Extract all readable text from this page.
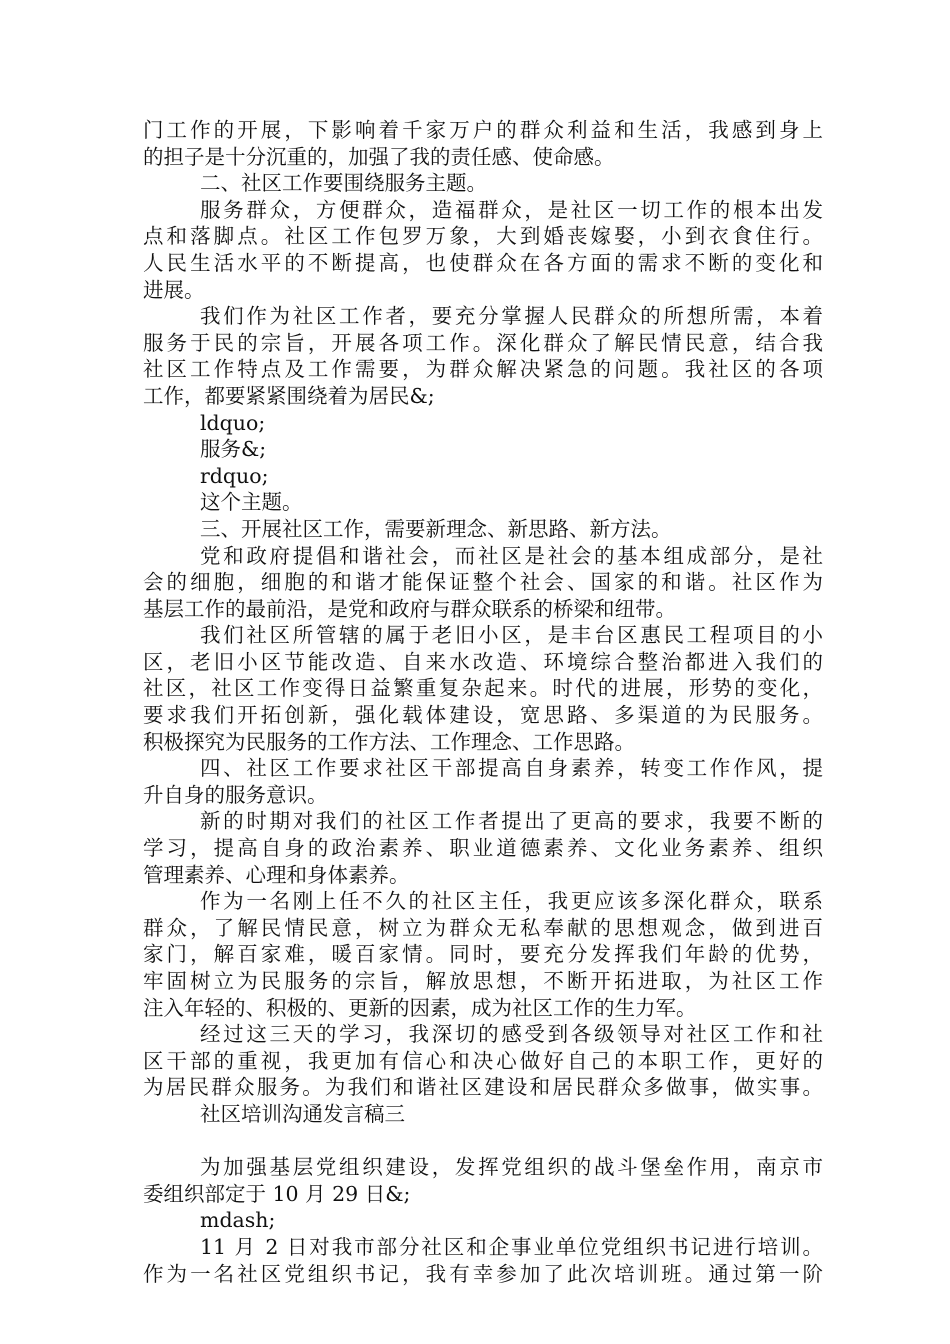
门工作的开展，下影响着千家万户的群众利益和生活，我感到身上
的担子是十分沉重的，加强了我的责任感、使命感。
二、社区工作要围绕服务主题。
服务群众，方便群众，造福群众，是社区一切工作的根本出发
点和落脚点。社区工作包罗万象，大到婚丧嫁娶，小到衣食住行。
人民生活水平的不断提高，也使群众在各方面的需求不断的变化和
进展。
我们作为社区工作者，要充分掌握人民群众的所想所需，本着
服务于民的宗旨，开展各项工作。深化群众了解民情民意，结合我
社区工作特点及工作需要，为群众解决紧急的问题。我社区的各项
工作，都要紧紧围绕着为居民&;
ldquo;
服务&;
rdquo;
这个主题。
三、开展社区工作，需要新理念、新思路、新方法。
党和政府提倡和谐社会，而社区是社会的基本组成部分，是社
会的细胞，细胞的和谐才能保证整个社会、国家的和谐。社区作为
基层工作的最前沿，是党和政府与群众联系的桥梁和纽带。
我们社区所管辖的属于老旧小区，是丰台区惠民工程项目的小
区，老旧小区节能改造、自来水改造、环境综合整治都进入我们的
社区，社区工作变得日益繁重复杂起来。时代的进展，形势的变化，
要求我们开拓创新，强化载体建设，宽思路、多渠道的为民服务。
积极探究为民服务的工作方法、工作理念、工作思路。
四、社区工作要求社区干部提高自身素养，转变工作作风，提
升自身的服务意识。
新的时期对我们的社区工作者提出了更高的要求，我要不断的
学习，提高自身的政治素养、职业道德素养、文化业务素养、组织
管理素养、心理和身体素养。
作为一名刚上任不久的社区主任，我更应该多深化群众，联系
群众，了解民情民意，树立为群众无私奉献的思想观念，做到进百
家门，解百家难，暖百家情。同时，要充分发挥我们年龄的优势，
牢固树立为民服务的宗旨，解放思想，不断开拓进取，为社区工作
注入年轻的、积极的、更新的因素，成为社区工作的生力军。
经过这三天的学习，我深切的感受到各级领导对社区工作和社
区干部的重视，我更加有信心和决心做好自己的本职工作，更好的
为居民群众服务。为我们和谐社区建设和居民群众多做事，做实事。
社区培训沟通发言稿三
为加强基层党组织建设，发挥党组织的战斗堡垒作用，南京市
委组织部定于 10 月 29 日&;
mdash;
11 月 2 日对我市部分社区和企事业单位党组织书记进行培训。
作为一名社区党组织书记，我有幸参加了此次培训班。通过第一阶
